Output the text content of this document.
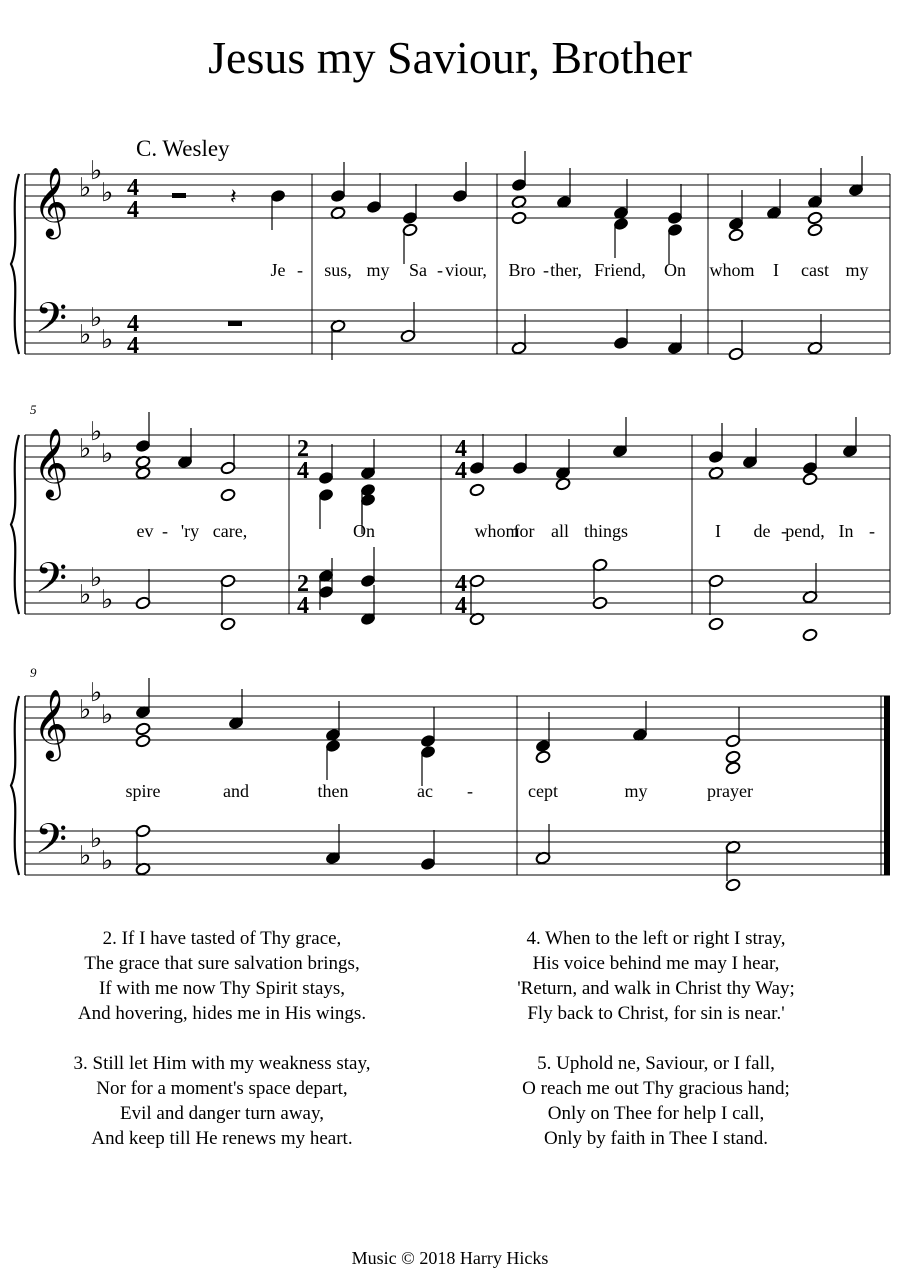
Jesus my Saviour, Brother
C. Wesley
5
9
𝄞
𝄢
♭
♭
♭
♭
♭
♭
𝄞
𝄢
♭
♭
♭
♭
♭
♭
𝄞
𝄢
♭
♭
♭
♭
♭
♭
𝄽
4
4
4
4
2
4
2
4
4
4
4
4
Je - sus, my Sa - viour, Bro - ther, Friend, On whom I cast my
ev - 'ry care,	On	whom
for all things	I de -
pend, In -
spire	and	then	ac -	cept	my	prayer
2. If I have tasted of Thy grace,
The grace that sure salvation brings,
If with me now Thy Spirit stays,
And hovering, hides me in His wings.
3. Still let Him with my weakness stay,
Nor for a moment's space depart,
Evil and danger turn away,
And keep till He renews my heart.
4. When to the left or right I stray,
His voice behind me may I hear,
'Return, and walk in Christ thy Way;
Fly back to Christ, for sin is near.'
5. Uphold ne, Saviour, or I fall,
O reach me out Thy gracious hand;
Only on Thee for help I call,
Only by faith in Thee I stand.
Music © 2018 Harry Hicks
